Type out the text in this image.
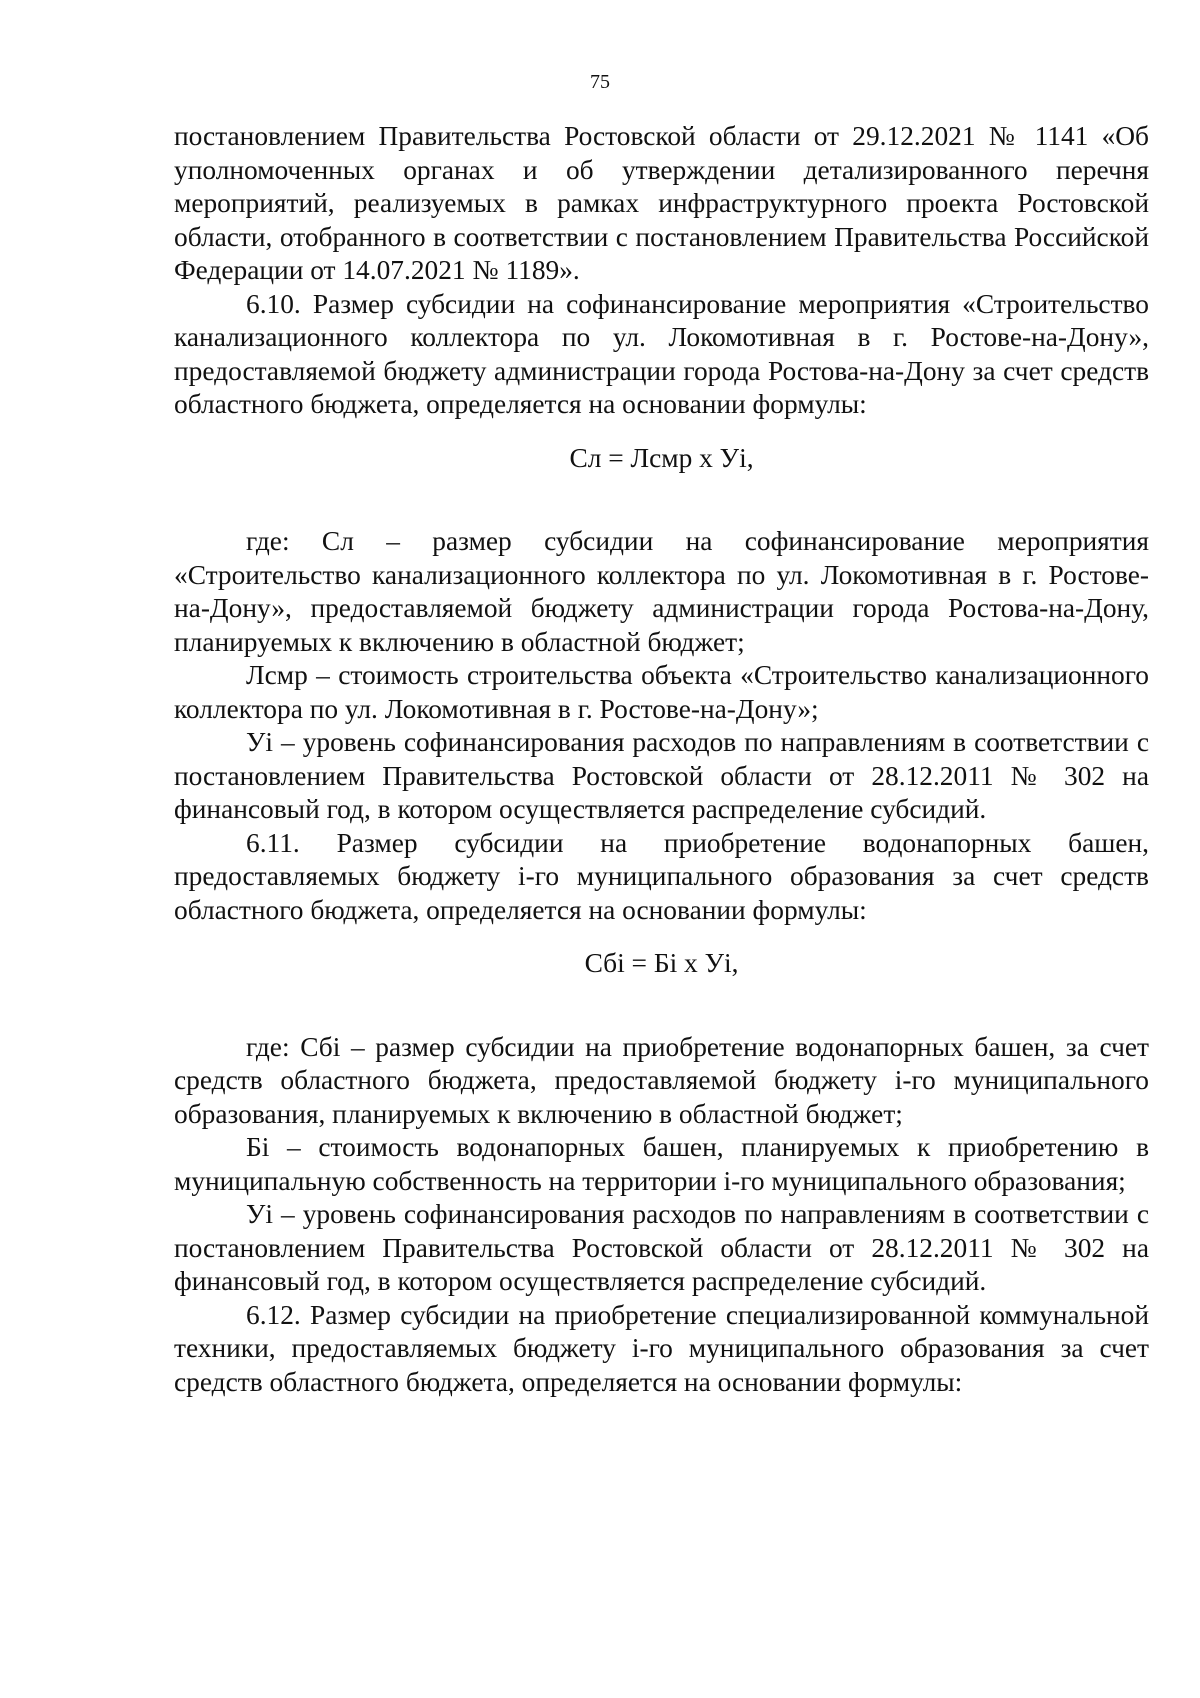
75

постановлением Правительства Ростовской области от 29.12.2021 № 1141 «Об уполномоченных органах и об утверждении детализированного перечня мероприятий, реализуемых в рамках инфраструктурного проекта Ростовской области, отобранного в соответствии с постановлением Правительства Российской Федерации от 14.07.2021 № 1189».

6.10. Размер субсидии на софинансирование мероприятия «Строительство канализационного коллектора по ул. Локомотивная в г. Ростове-на-Дону», предоставляемой бюджету администрации города Ростова-на-Дону за счет средств областного бюджета, определяется на основании формулы:

Сл = Лсмр х Уi,

где: Сл – размер субсидии на софинансирование мероприятия «Строительство канализационного коллектора по ул. Локомотивная в г. Ростове-на-Дону», предоставляемой бюджету администрации города Ростова-на-Дону, планируемых к включению в областной бюджет;

Лсмр – стоимость строительства объекта «Строительство канализационного коллектора по ул. Локомотивная в г. Ростове-на-Дону»;

Уi – уровень софинансирования расходов по направлениям в соответствии с постановлением Правительства Ростовской области от 28.12.2011 № 302 на финансовый год, в котором осуществляется распределение субсидий.

6.11. Размер субсидии на приобретение водонапорных башен, предоставляемых бюджету i-го муниципального образования за счет средств областного бюджета, определяется на основании формулы:

Сбi = Бi х Уi,

где: Сбi – размер субсидии на приобретение водонапорных башен, за счет средств областного бюджета, предоставляемой бюджету i-го муниципального образования, планируемых к включению в областной бюджет;

Бi – стоимость водонапорных башен, планируемых к приобретению в муниципальную собственность на территории i-го муниципального образования;

Уi – уровень софинансирования расходов по направлениям в соответствии с постановлением Правительства Ростовской области от 28.12.2011 № 302 на финансовый год, в котором осуществляется распределение субсидий.

6.12. Размер субсидии на приобретение специализированной коммунальной техники, предоставляемых бюджету i-го муниципального образования за счет средств областного бюджета, определяется на основании формулы:
